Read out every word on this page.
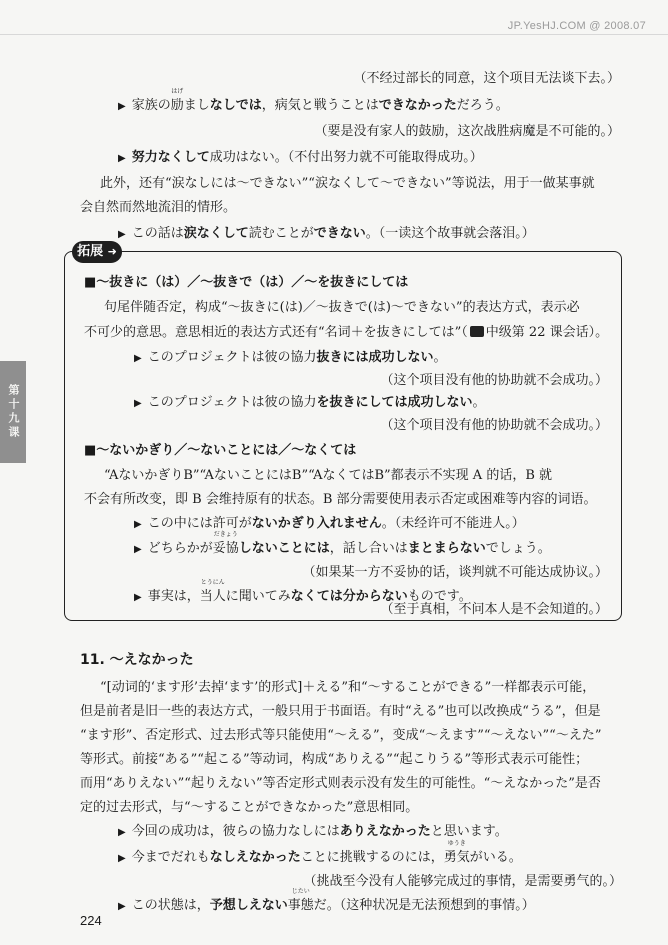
JP.YesHJ.COM @ 2008.07
第十九课
（不经过部长的同意，这个项目无法谈下去。）
▶ 家族の励
はげ
ましなしでは，病気と戦うことはできなかっただろう。
（要是没有家人的鼓励，这次战胜病魔是不可能的。）
▶ 努力なくして成功はない。（不付出努力就不可能取得成功。）
此外，还有“涙なしには～できない”“涙なくして～できない”等说法，用于一做某事就
会自然而然地流泪的情形。
▶ この話は涙なくして読むことができない。（一读这个故事就会落泪。）
拓展 ➜
■～抜きに（は）／～抜きで（は）／～を抜きにしては
句尾伴随否定，构成“～抜きに(は)／～抜きで(は)～できない”的表达方式，表示必
不可少的意思。意思相近的表达方式还有“名词＋を抜きにしては”（ 中级第 22 课会话）。
▶ このプロジェクトは彼の協力抜きには成功しない。
（这个项目没有他的协助就不会成功。）
▶ このプロジェクトは彼の協力を抜きにしては成功しない。
（这个项目没有他的协助就不会成功。）
■～ないかぎり／～ないことには／～なくては
“AないかぎりB”“AないことにはB”“AなくてはB”都表示不实现 A 的话，B 就
不会有所改变，即 B 会维持原有的状态。B 部分需要使用表示否定或困难等内容的词语。
▶ この中には許可がないかぎり入れません。（未经许可不能进人。）
▶ どちらかが妥協
だきょう
しないことには，話し合いはまとまらないでしょう。
（如果某一方不妥协的话，谈判就不可能达成协议。）
▶ 事実は，当人
とうにん
に聞いてみなくては分からないものです。
（至于真相，不问本人是不会知道的。）
11. ～えなかった
“[动词的‘ます形’去掉‘ます’的形式]＋える”和“～することができる”一样都表示可能，
但是前者是旧一些的表达方式，一般只用于书面语。有时“える”也可以改换成“うる”，但是
“ます形”、否定形式、过去形式等只能使用“～える”，变成“～えます”“～えない”“～えた”
等形式。前接“ある”“起こる”等动词，构成“ありえる”“起こりうる”等形式表示可能性；
而用“ありえない”“起りえない”等否定形式则表示没有发生的可能性。“～えなかった”是否
定的过去形式，与“～することができなかった”意思相同。
▶ 今回の成功は，彼らの協力なしにはありえなかったと思います。
▶ 今までだれもなしえなかったことに挑戦するのには，勇気
ゆうき
がいる。
（挑战至今没有人能够完成过的事情，是需要勇气的。）
▶ この状態は，予想しえない事態
じたい
だ。（这种状况是无法预想到的事情。）
224
